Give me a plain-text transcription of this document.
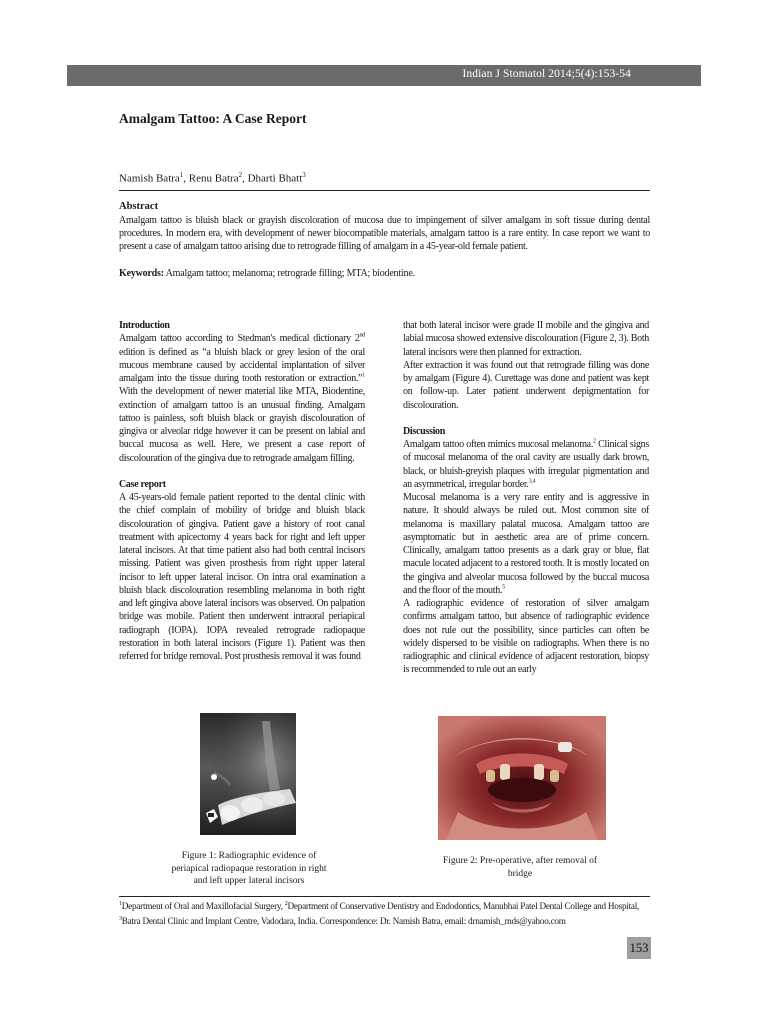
Indian J Stomatol 2014;5(4):153-54
Amalgam Tattoo: A Case Report
Namish Batra$^1$, Renu Batra$^2$, Dharti Bhatt$^3$
Abstract

Amalgam tattoo is bluish black or grayish discoloration of mucosa due to impingement of silver amalgam in soft tissue during dental procedures. In modern era, with development of newer biocompatible materials, amalgam tattoo is a rare entity. In case report we want to present a case of amalgam tattoo arising due to retrograde filling of amalgam in a 45-year-old female patient.

Keywords: Amalgam tattoo; melanoma; retrograde filling; MTA; biodentine.

Introduction

Amalgam tattoo according to Stedman's medical dictionary 2nd edition is defined as “a bluish black or grey lesion of the oral mucous membrane caused by accidental implantation of silver amalgam into the tissue during tooth restoration or extraction.”$^1$ With the development of newer material like MTA, Biodentine, extinction of amalgam tattoo is an unusual finding. Amalgam tattoo is painless, soft bluish black or grayish discolouration of gingiva or alveolar ridge however it can be present on labial and buccal mucosa as well. Here, we present a case report of discolouration of the gingiva due to retrograde amalgam filling.

Case report

A 45-years-old female patient reported to the dental clinic with the chief complain of mobility of bridge and bluish black discolouration of gingiva. Patient gave a history of root canal treatment with apicectomy 4 years back for right and left upper lateral incisors. At that time patient also had both central incisors missing. Patient was given prosthesis from right upper lateral incisor to left upper lateral incisor. On intra oral examination a bluish black discolouration resembling melanoma in both right and left gingiva above lateral incisors was observed. On palpation bridge was mobile. Patient then underwent intraoral periapical radiograph (IOPA). IOPA revealed retrograde radiopaque restoration in both lateral incisors (Figure 1). Patient was then referred for bridge removal. Post prosthesis removal it was found

that both lateral incisor were grade II mobile and the gingiva and labial mucosa showed extensive discolouration (Figure 2, 3). Both lateral incisors were then planned for extraction.

After extraction it was found out that retrograde filling was done by amalgam (Figure 4). Curettage was done and patient was kept on follow-up. Later patient underwent depigmentation for discolouration.

Discussion

Amalgam tattoo often mimics mucosal melanoma.$^2$ Clinical signs of mucosal melanoma of the oral cavity are usually dark brown, black, or bluish-greyish plaques with irregular pigmentation and an asymmetrical, irregular border.$^{3,4}$

Mucosal melanoma is a very rare entity and is aggressive in nature. It should always be ruled out. Most common site of melanoma is maxillary palatal mucosa. Amalgam tattoo are asymptomatic but in aesthetic area are of prime concern. Clinically, amalgam tattoo presents as a dark gray or blue, flat macule located adjacent to a restored tooth. It is mostly located on the gingiva and alveolar mucosa followed by the buccal mucosa and the floor of the mouth.$^5$

A radiographic evidence of restoration of silver amalgam confirms amalgam tattoo, but absence of radiographic evidence does not rule out the possibility, since particles can often be widely dispersed to be visible on radiographs. When there is no radiographic and clinical evidence of adjacent restoration, biopsy is recommended to rule out an early

Figure 1: Radiographic evidence of periapical radiopaque restoration in right and left upper lateral incisors

Figure 2: Pre-operative, after removal of bridge

$^1$Department of Oral and Maxillofacial Surgery, $^2$Department of Conservative Dentistry and Endodontics, Manubhai Patel Dental College and Hospital, $^3$Batra Dental Clinic and Implant Centre, Vadodara, India. Correspondence: Dr. Namish Batra, email: drnamish_mds@yahoo.com

153
